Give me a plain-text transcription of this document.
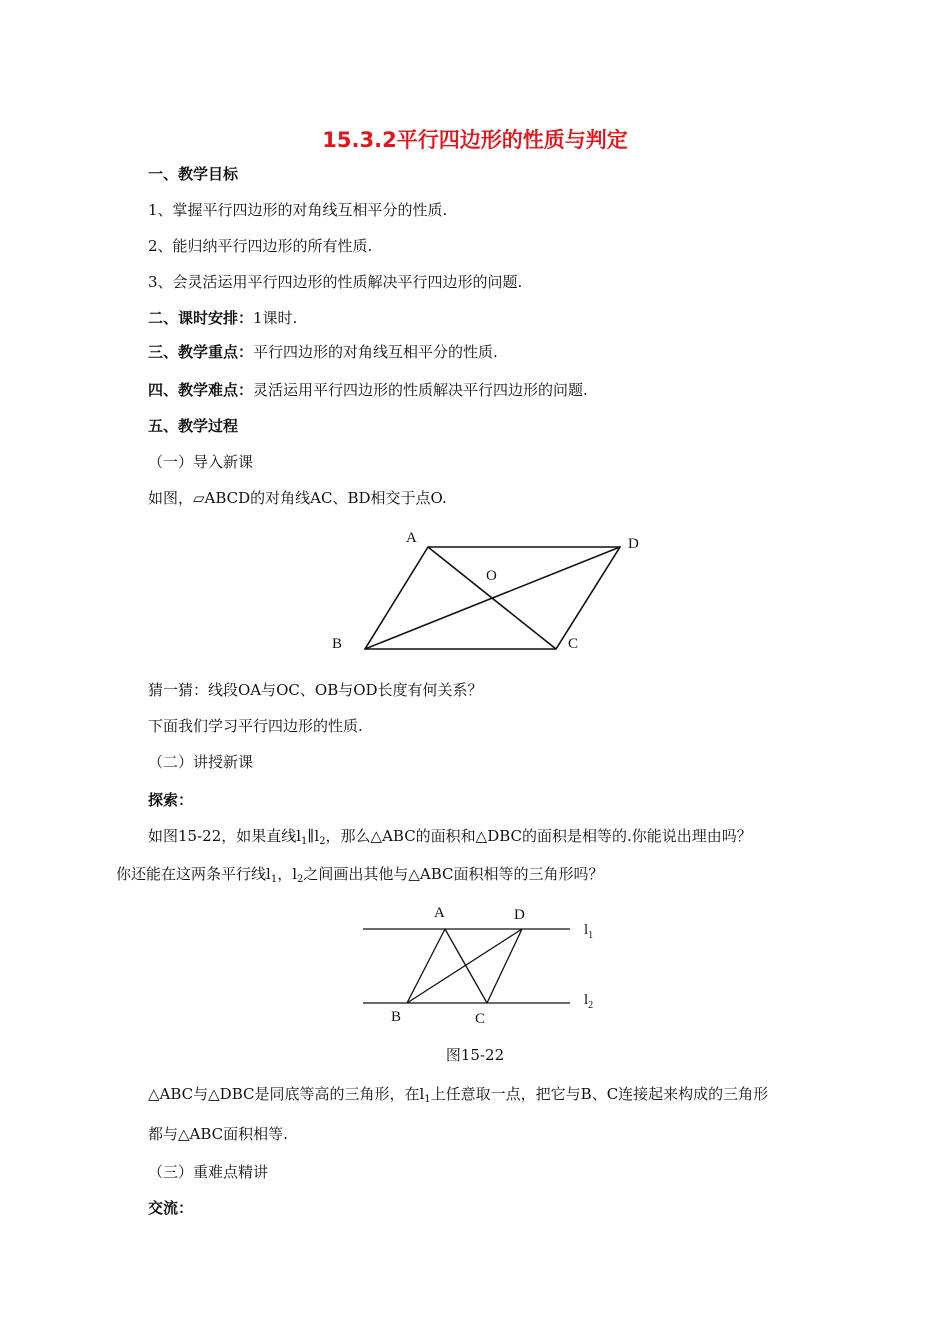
15.3.2平行四边形的性质与判定
一、教学目标
1、掌握平行四边形的对角线互相平分的性质.
2、能归纳平行四边形的所有性质.
3、会灵活运用平行四边形的性质解决平行四边形的问题.
二、课时安排：1课时.
三、教学重点：平行四边形的对角线互相平分的性质.
四、教学难点：灵活运用平行四边形的性质解决平行四边形的问题.
五、教学过程
（一）导入新课
如图，▱ABCD的对角线AC、BD相交于点O.
A	D
O
B	C
猜一猜：线段OA与OC、OB与OD长度有何关系？
下面我们学习平行四边形的性质.
（二）讲授新课
探索：
如图15-22，如果直线$l_1\parallel l_2$，那么△ABC的面积和△DBC的面积是相等的.你能说出理由吗？
你还能在这两条平行线$l_1$，$l_2$之间画出其他与△ABC面积相等的三角形吗？
A	D
B	C
$l_1$
$l_2$
图15-22
△ABC与△DBC是同底等高的三角形，在$l_1$上任意取一点，把它与B、C连接起来构成的三角形
都与△ABC面积相等.
（三）重难点精讲
交流：
